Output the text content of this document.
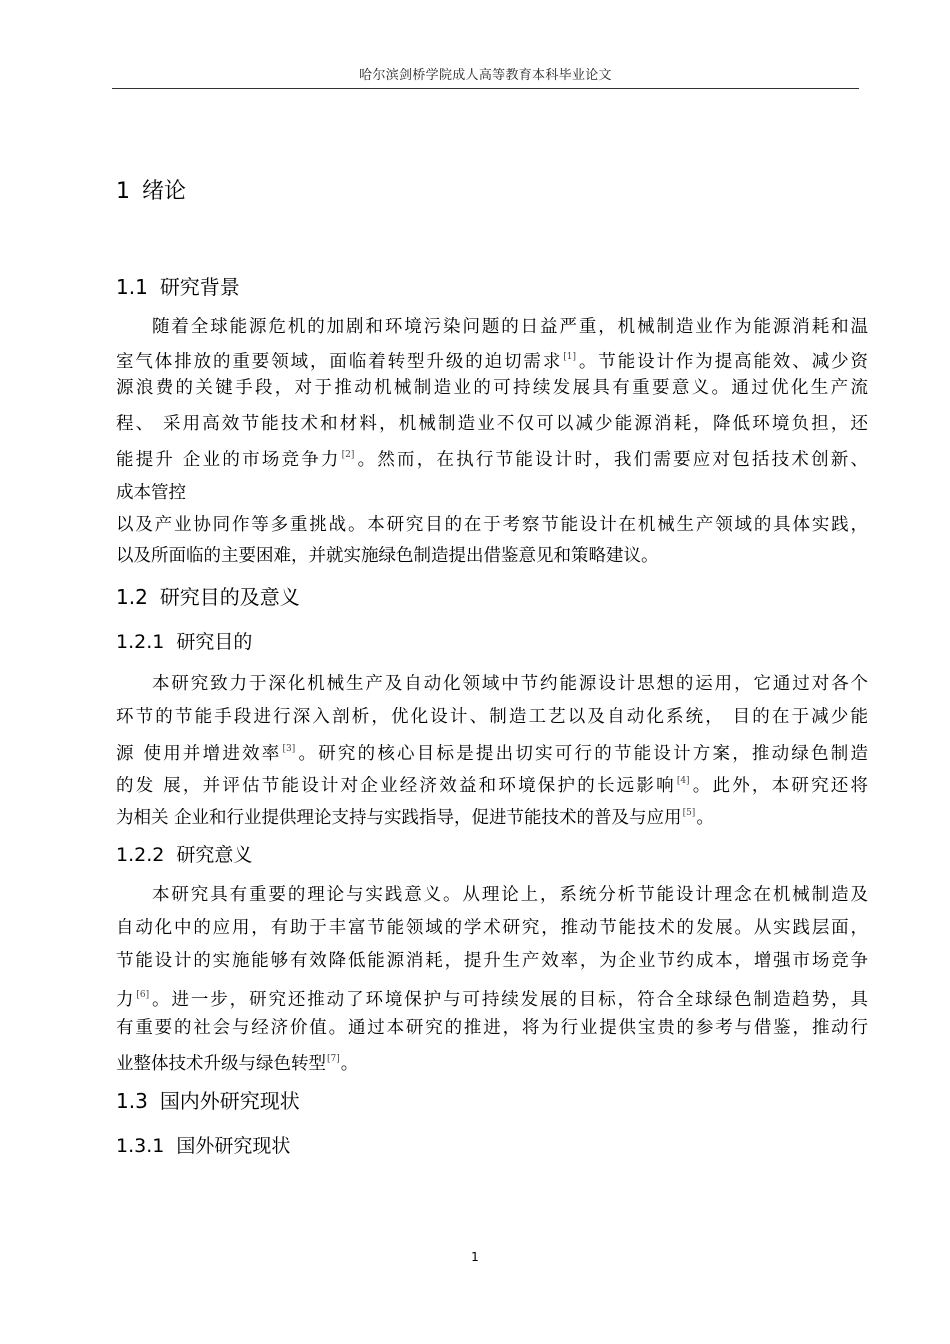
哈尔滨剑桥学院成人高等教育本科毕业论文
1 绪论
1.1 研究背景
随着全球能源危机的加剧和环境污染问题的日益严重，机械制造业作为能源消耗和温
室气体排放的重要领域，面临着转型升级的迫切需求[1]。节能设计作为提高能效、减少资
源浪费的关键手段，对于推动机械制造业的可持续发展具有重要意义。通过优化生产流
程、 采用高效节能技术和材料，机械制造业不仅可以减少能源消耗，降低环境负担，还
能提升 企业的市场竞争力[2]。然而，在执行节能设计时，我们需要应对包括技术创新、
成本管控
以及产业协同作等多重挑战。本研究目的在于考察节能设计在机械生产领域的具体实践，
以及所面临的主要困难，并就实施绿色制造提出借鉴意见和策略建议。
1.2 研究目的及意义
1.2.1 研究目的
本研究致力于深化机械生产及自动化领域中节约能源设计思想的运用，它通过对各个
环节的节能手段进行深入剖析，优化设计、制造工艺以及自动化系统， 目的在于减少能
源 使用并增进效率[3]。研究的核心目标是提出切实可行的节能设计方案，推动绿色制造
的发 展，并评估节能设计对企业经济效益和环境保护的长远影响[4]。此外，本研究还将
为相关 企业和行业提供理论支持与实践指导，促进节能技术的普及与应用[5]。
1.2.2 研究意义
本研究具有重要的理论与实践意义。从理论上，系统分析节能设计理念在机械制造及
自动化中的应用，有助于丰富节能领域的学术研究，推动节能技术的发展。从实践层面，
节能设计的实施能够有效降低能源消耗，提升生产效率，为企业节约成本，增强市场竞争
力[6]。进一步，研究还推动了环境保护与可持续发展的目标，符合全球绿色制造趋势，具
有重要的社会与经济价值。通过本研究的推进，将为行业提供宝贵的参考与借鉴，推动行
业整体技术升级与绿色转型[7]。
1.3 国内外研究现状
1.3.1 国外研究现状
1
